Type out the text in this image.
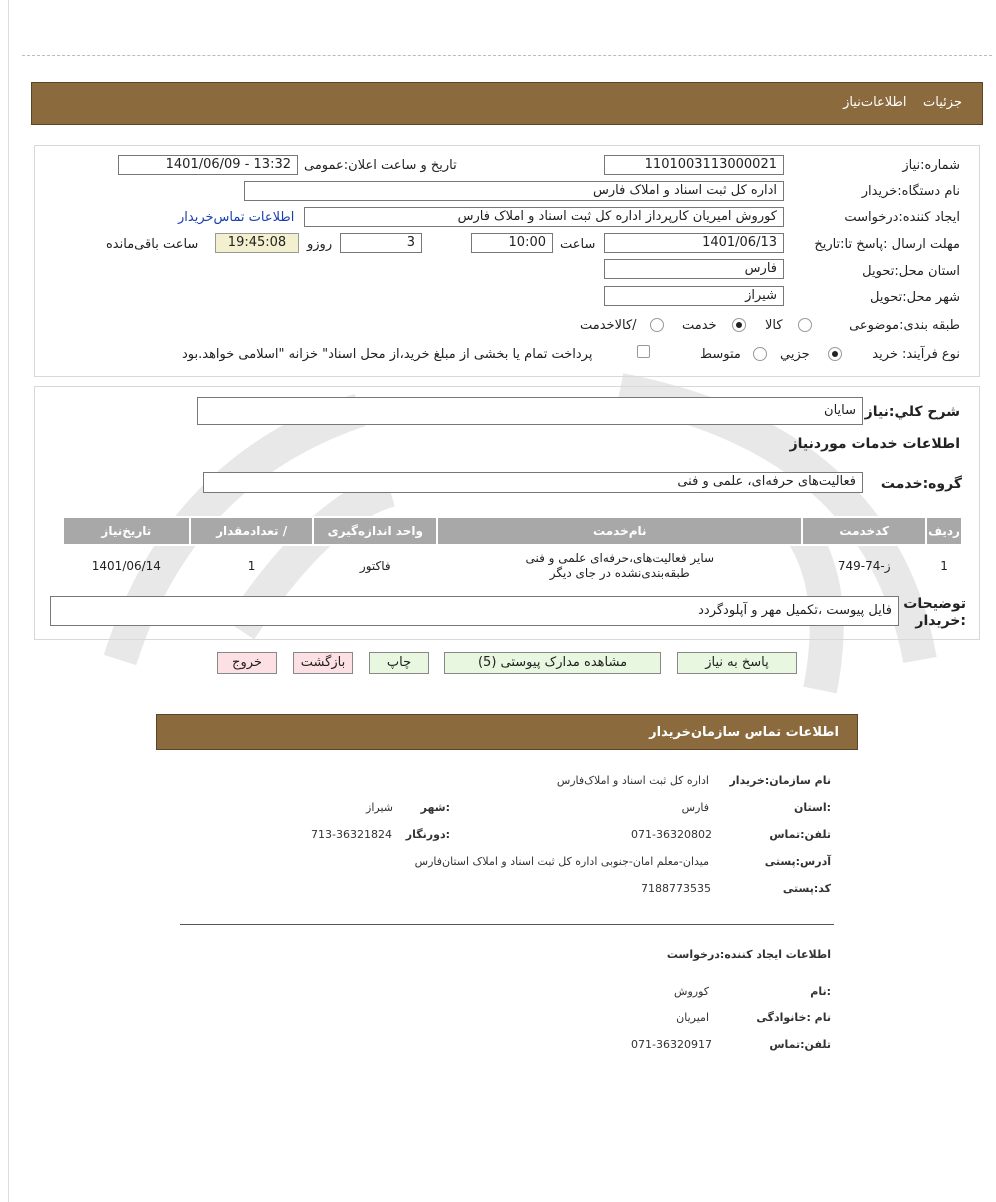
جزئیات    اطلاعات‌نیاز
شماره:نیاز
1101003113000021
تاریخ و ساعت اعلان:عمومی
1401/06/09 - 13:32
نام دستگاه:خریدار
اداره کل ثبت اسناد و املاک فارس
ایجاد کننده:درخواست
کوروش امیریان کارپرداز اداره کل ثبت اسناد و املاک فارس
اطلاعات تماس‌خریدار
مهلت ارسال :پاسخ تا:تاریخ
1401/06/13
ساعت
10:00
3
روزو
19:45:08
ساعت باقی‌مانده
استان محل:تحویل
فارس
شهر محل:تحویل
شیراز
طبقه بندی:موضوعی
کالا
خدمت
/کالاخدمت
نوع فرآیند: خرید
جزیي
متوسط
پرداخت تمام یا بخشی از مبلغ خرید،از محل اسناد" خزانه "اسلامی خواهد.بود
شرح کلي:نیاز
سایان
اطلاعات خدمات موردنیاز
گروه:خدمت
فعالیت‌های حرفه‌ای، علمی و فنی
ردیف	کدخدمت	نام‌خدمت	واحد اندازه‌گیری	/ تعدادمقدار	تاریخ‌نیاز
1	ز-74-749	سایر فعالیت‌های،حرفه‌ای علمی و فنی طبقه‌بندی‌نشده در جای دیگر	فاکتور	1	1401/06/14
توضیحات :خریدار
فایل پیوست ،تکمیل مهر و آپلودگردد
پاسخ به نیاز
مشاهده مدارک پیوستی (5)
چاپ
بازگشت
خروج
اطلاعات تماس سازمان‌خریدار
نام سازمان:خریدار
اداره کل ثبت اسناد و املاک‌فارس
:استان
فارس
:شهر
شیراز
تلفن:تماس
071-36320802
:دورنگار
713-36321824
آدرس:پستی
میدان-معلم امان-جنوبی اداره کل ثبت اسناد و املاک استان‌فارس
کد:پستی
7188773535
اطلاعات ایجاد کننده:درخواست
:نام
کوروش
نام :خانوادگی
امیریان
تلفن:تماس
071-36320917
